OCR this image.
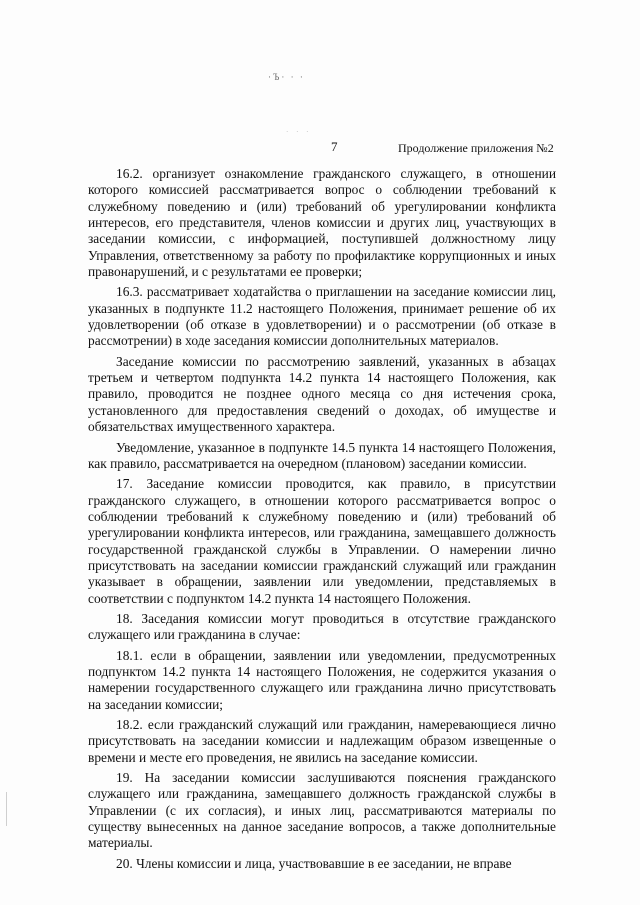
·Ъ· · ·
· · ·
7	Продолжение приложения №2

16.2. организует ознакомление гражданского служащего, в отношении которого комиссией рассматривается вопрос о соблюдении требований к служебному поведению и (или) требований об урегулировании конфликта интересов, его представителя, членов комиссии и других лиц, участвующих в заседании комиссии, с информацией, поступившей должностному лицу Управления, ответственному за работу по профилактике коррупционных и иных правонарушений, и с результатами ее проверки;

16.3. рассматривает ходатайства о приглашении на заседание комиссии лиц, указанных в подпункте 11.2 настоящего Положения, принимает решение об их удовлетворении (об отказе в удовлетворении) и о рассмотрении (об отказе в рассмотрении) в ходе заседания комиссии дополнительных материалов.

Заседание комиссии по рассмотрению заявлений, указанных в абзацах третьем и четвертом подпункта 14.2 пункта 14 настоящего Положения, как правило, проводится не позднее одного месяца со дня истечения срока, установленного для предоставления сведений о доходах, об имуществе и обязательствах имущественного характера.

Уведомление, указанное в подпункте 14.5 пункта 14 настоящего Положения, как правило, рассматривается на очередном (плановом) заседании комиссии.

17. Заседание комиссии проводится, как правило, в присутствии гражданского служащего, в отношении которого рассматривается вопрос о соблюдении требований к служебному поведению и (или) требований об урегулировании конфликта интересов, или гражданина, замещавшего должность государственной гражданской службы в Управлении. О намерении лично присутствовать на заседании комиссии гражданский служащий или гражданин указывает в обращении, заявлении или уведомлении, представляемых в соответствии с подпунктом 14.2 пункта 14 настоящего Положения.

18. Заседания комиссии могут проводиться в отсутствие гражданского служащего или гражданина в случае:

18.1. если в обращении, заявлении или уведомлении, предусмотренных подпунктом 14.2 пункта 14 настоящего Положения, не содержится указания о намерении государственного служащего или гражданина лично присутствовать на заседании комиссии;

18.2. если гражданский служащий или гражданин, намеревающиеся лично присутствовать на заседании комиссии и надлежащим образом извещенные о времени и месте его проведения, не явились на заседание комиссии.

19. На заседании комиссии заслушиваются пояснения гражданского служащего или гражданина, замещавшего должность гражданской службы в Управлении (с их согласия), и иных лиц, рассматриваются материалы по существу вынесенных на данное заседание вопросов, а также дополнительные материалы.

20. Члены комиссии и лица, участвовавшие в ее заседании, не вправе
